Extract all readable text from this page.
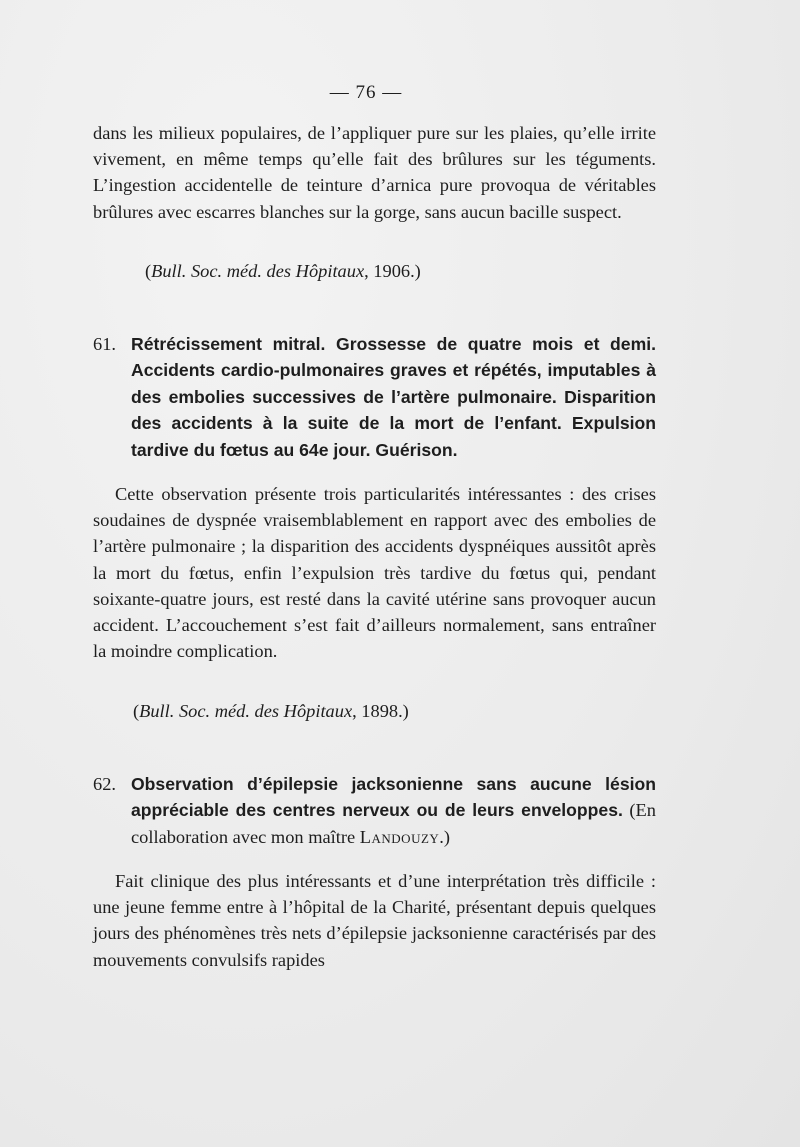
— 76 —

dans les milieux populaires, de l’appliquer pure sur les plaies, qu’elle irrite vivement, en même temps qu’elle fait des brûlures sur les téguments. L’ingestion accidentelle de teinture d’arnica pure provoqua de véritables brûlures avec escarres blanches sur la gorge, sans aucun bacille suspect.

(Bull. Soc. méd. des Hôpitaux, 1906.)

61. Rétrécissement mitral. Grossesse de quatre mois et demi. Accidents cardio-pulmonaires graves et répétés, imputables à des embolies successives de l’artère pulmonaire. Disparition des accidents à la suite de la mort de l’enfant. Expulsion tardive du fœtus au 64e jour. Guérison.

Cette observation présente trois particularités intéressantes : des crises soudaines de dyspnée vraisemblablement en rapport avec des embolies de l’artère pulmonaire ; la disparition des accidents dyspnéiques aussitôt après la mort du fœtus, enfin l’expulsion très tardive du fœtus qui, pendant soixante-quatre jours, est resté dans la cavité utérine sans provoquer aucun accident. L’accouchement s’est fait d’ailleurs normalement, sans entraîner la moindre complication.

(Bull. Soc. méd. des Hôpitaux, 1898.)

62. Observation d’épilepsie jacksonienne sans aucune lésion appréciable des centres nerveux ou de leurs enveloppes. (En collaboration avec mon maître Landouzy.)

Fait clinique des plus intéressants et d’une interprétation très difficile : une jeune femme entre à l’hôpital de la Charité, présentant depuis quelques jours des phénomènes très nets d’épilepsie jacksonienne caractérisés par des mouvements convulsifs rapides
